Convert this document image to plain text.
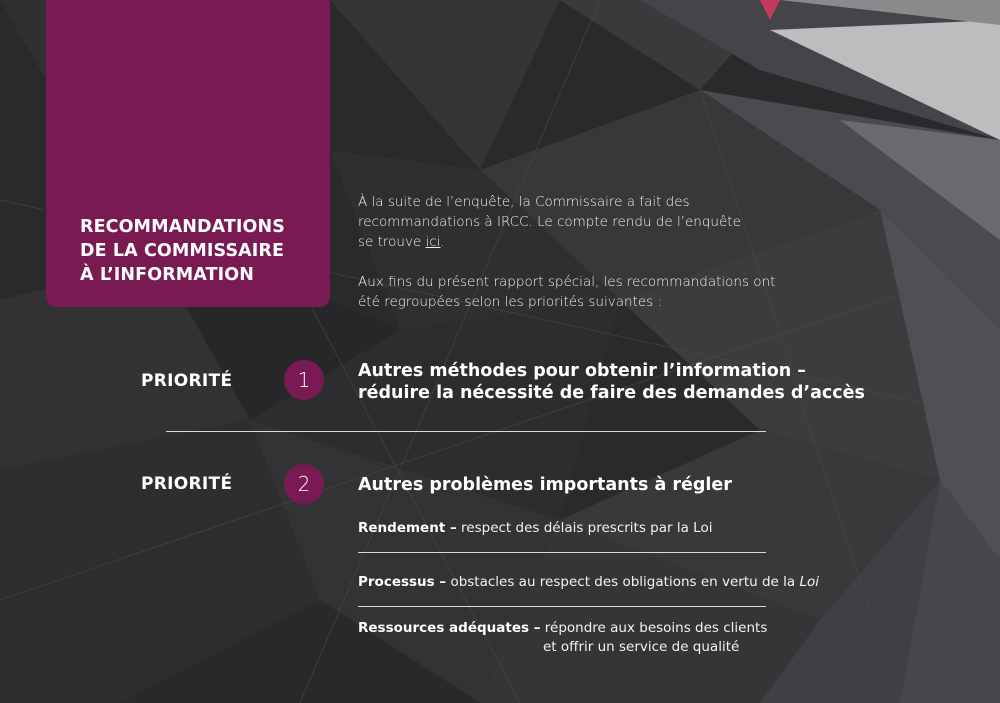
RECOMMANDATIONS
DE LA COMMISSAIRE
À L’INFORMATION

À la suite de l’enquête, la Commissaire a fait des
recommandations à IRCC. Le compte rendu de l’enquête
se trouve ici.

Aux fins du présent rapport spécial, les recommandations ont
été regroupées selon les priorités suivantes :

PRIORITÉ	1	Autres méthodes pour obtenir l’information –
réduire la nécessité de faire des demandes d’accès
PRIORITÉ	2	Autres problèmes importants à régler
Rendement – respect des délais prescrits par la Loi
Processus – obstacles au respect des obligations en vertu de la Loi
Ressources adéquates – répondre aux besoins des clients
et offrir un service de qualité
